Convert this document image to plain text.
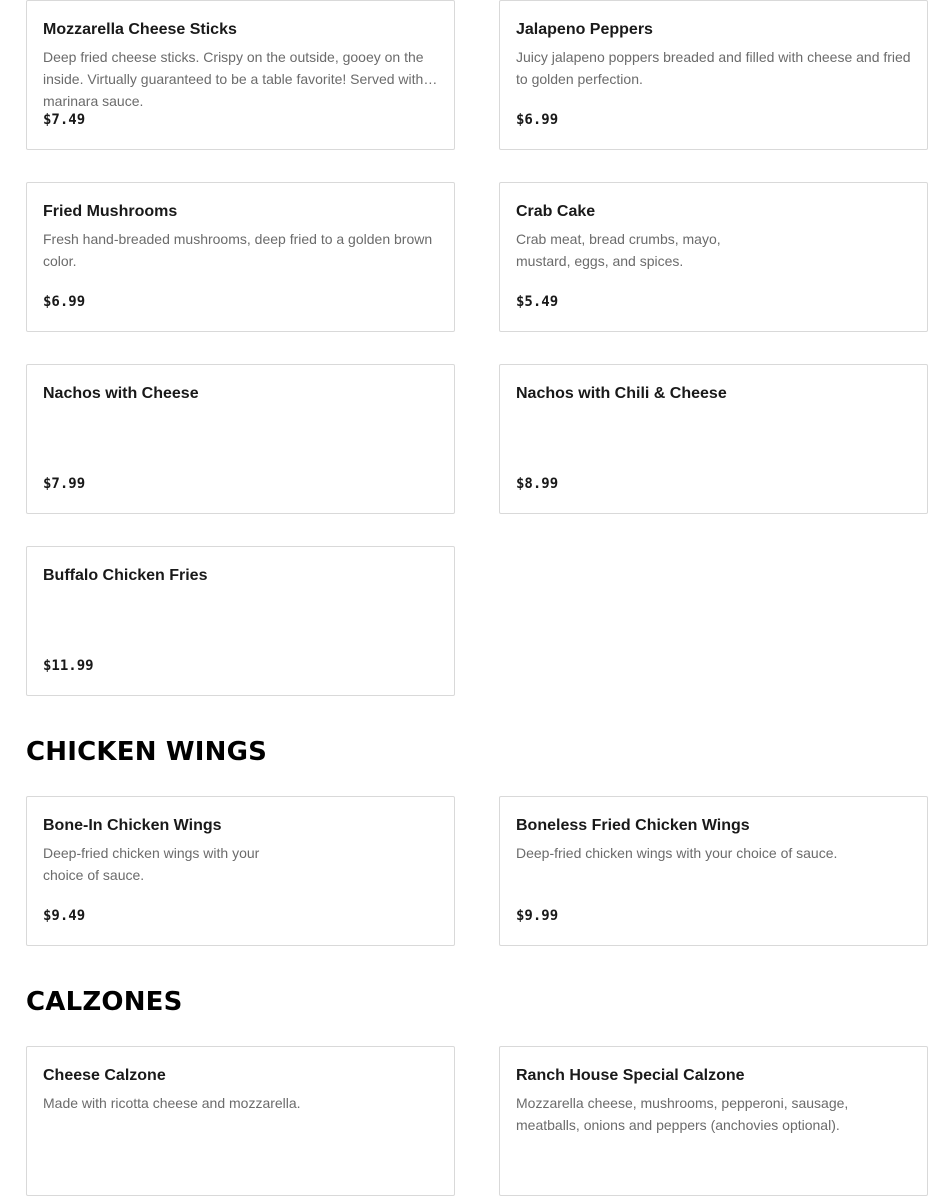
Mozzarella Cheese Sticks
Deep fried cheese sticks. Crispy on the outside, gooey on the inside. Virtually guaranteed to be a table favorite! Served with marinara sauce.
$7.49
Jalapeno Peppers
Juicy jalapeno poppers breaded and filled with cheese and fried to golden perfection.
$6.99
Fried Mushrooms
Fresh hand-breaded mushrooms, deep fried to a golden brown color.
$6.99
Crab Cake
Crab meat, bread crumbs, mayo, mustard, eggs, and spices.
$5.49
Nachos with Cheese
$7.99
Nachos with Chili & Cheese
$8.99
Buffalo Chicken Fries
$11.99
CHICKEN WINGS
Bone-In Chicken Wings
Deep-fried chicken wings with your choice of sauce.
$9.49
Boneless Fried Chicken Wings
Deep-fried chicken wings with your choice of sauce.
$9.99
CALZONES
Cheese Calzone
Made with ricotta cheese and mozzarella.
Ranch House Special Calzone
Mozzarella cheese, mushrooms, pepperoni, sausage, meatballs, onions and peppers (anchovies optional).
